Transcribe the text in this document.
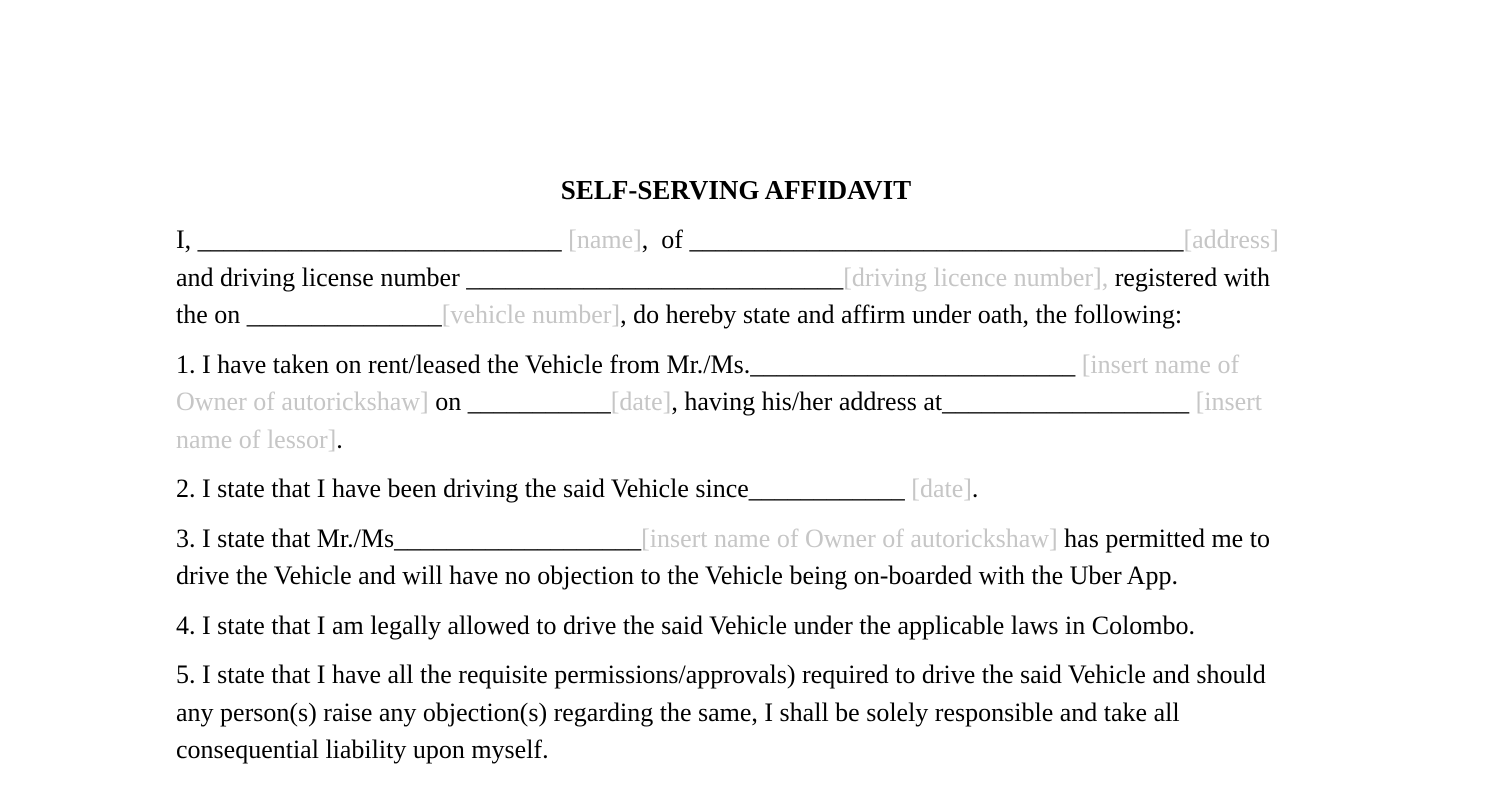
SELF-SERVING AFFIDAVIT

I, ____________________________ [name],  of ______________________________________[address] and driving license number _____________________________[driving licence number], registered with the on _______________[vehicle number], do hereby state and affirm under oath, the following:

1. I have taken on rent/leased the Vehicle from Mr./Ms._________________________ [insert name of Owner of autorickshaw] on ___________[date], having his/her address at___________________ [insert name of lessor].

2. I state that I have been driving the said Vehicle since____________ [date].

3. I state that Mr./Ms___________________[insert name of Owner of autorickshaw] has permitted me to drive the Vehicle and will have no objection to the Vehicle being on-boarded with the Uber App.

4. I state that I am legally allowed to drive the said Vehicle under the applicable laws in Colombo.

5. I state that I have all the requisite permissions/approvals) required to drive the said Vehicle and should any person(s) raise any objection(s) regarding the same, I shall be solely responsible and take all consequential liability upon myself.
